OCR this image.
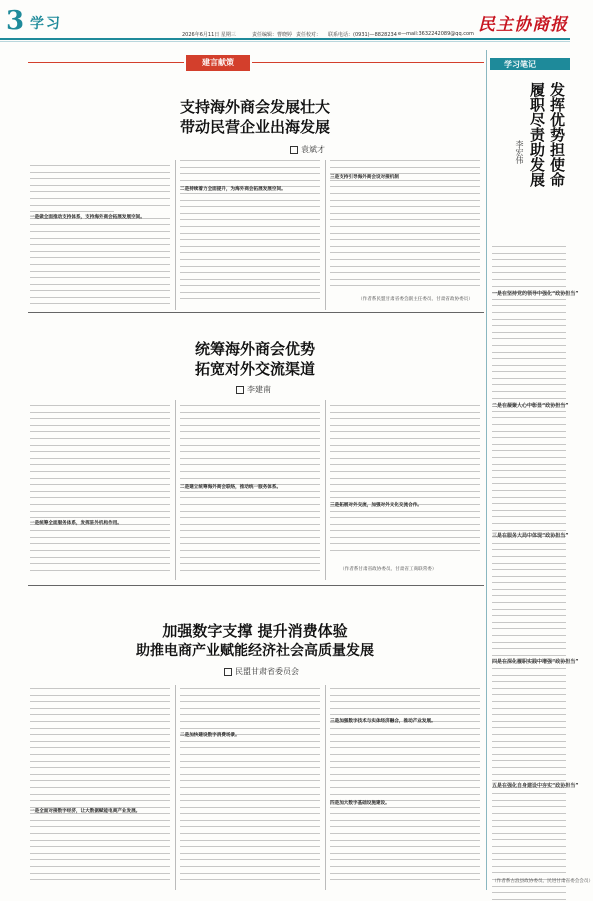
3 学习
2026年6月11日 星期三	责任编辑：曹晓婷 责任校对： 联系电话：(0931)—8828234 e—mail:3632242089@qq.com 民主协商报
建言献策
支持海外商会发展壮大
带动民营企业出海发展
袁斌才
一是做全面推动支持体系，支持海外商会拓展发展空间。
二是持续着力全面提升，为海外商会拓展发展空间。
三是支持引导海外商会设对接机制
（作者系民盟甘肃省委会副主任委员、甘肃省政协委员）
统筹海外商会优势
拓宽对外交流渠道
李建南
一是统筹全面服务体系，发挥驻外机构作用。
二是建立统筹海外商会联络，推动统一服务体系。
三是拓展对外交流，加强对外文化交流合作。
（作者系甘肃省政协委员、甘肃省工商联常委）
加强数字支撑 提升消费体验
助推电商产业赋能经济社会高质量发展
民盟甘肃省委员会
一是全面对接数字经济，让大数据赋能电商产业发展。
二是加快建设数字消费场景。
三是加强数字技术与实体经济融合，推动产业发展。
四是加大数字基础设施建设。
学习笔记
发挥优势担使命
履职尽责助发展
李宏伟
一是在坚持党的领导中强化“政协担当”
二是在凝聚人心中彰显“政协担当”
三是在服务大局中体现“政协担当”
四是在深化履职实践中增强“政协担当”
五是在强化自身建设中夯实“政协担当”
（作者系古浪县政协委员、民进甘肃省委会会员）
